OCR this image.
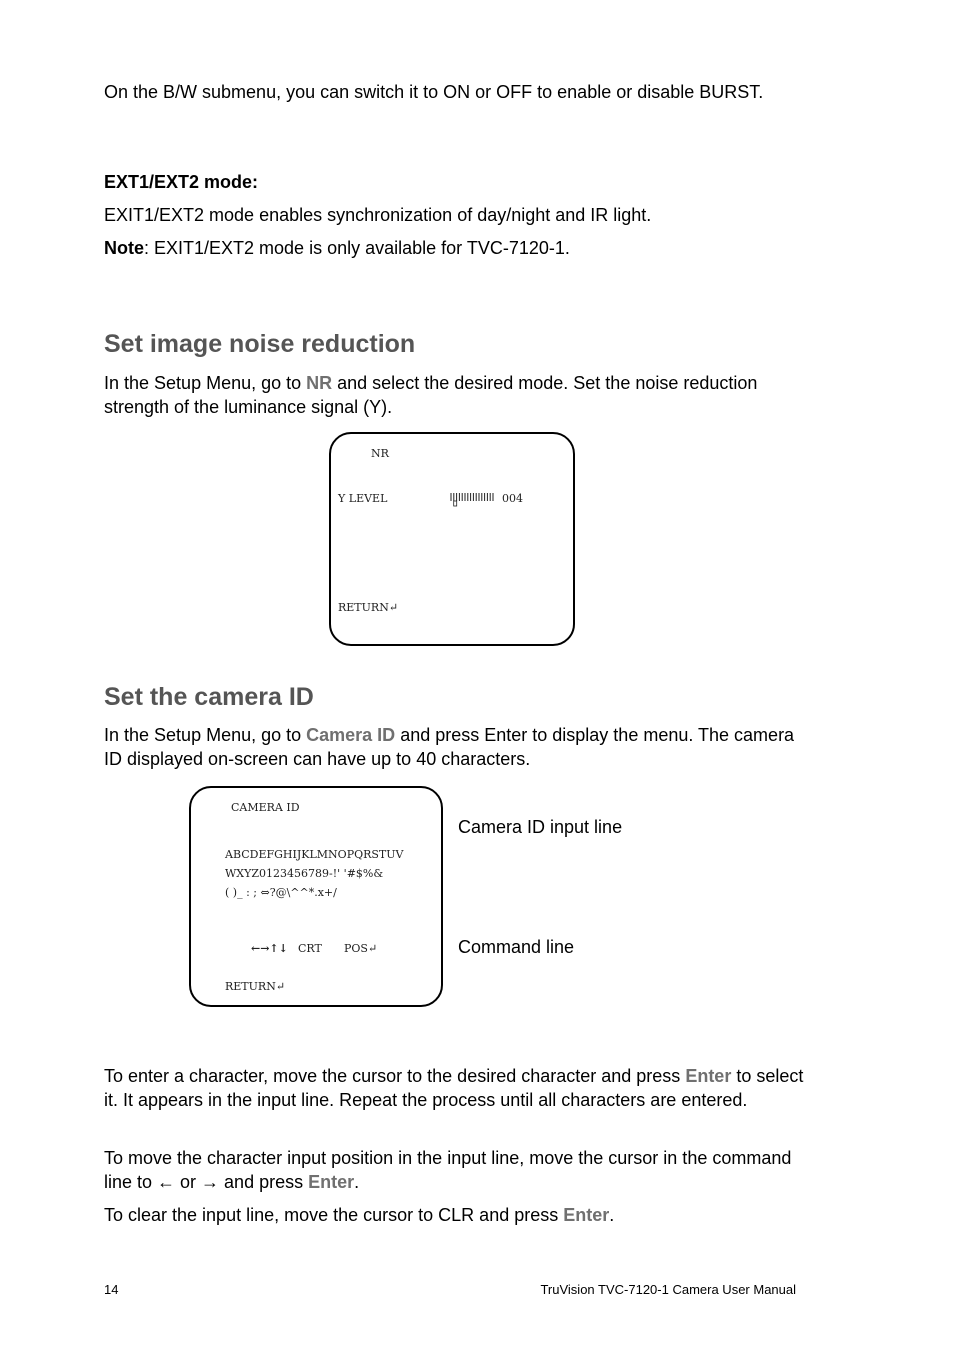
On the B/W submenu, you can switch it to ON or OFF to enable or disable BURST.

EXT1/EXT2 mode:

EXIT1/EXT2 mode enables synchronization of day/night and IR light.

Note: EXIT1/EXT2 mode is only available for TVC-7120-1.

Set image noise reduction

In the Setup Menu, go to NR and select the desired mode. Set the noise reduction strength of the luminance signal (Y).

NR
Y LEVEL	004
RETURN↵
Set the camera ID

In the Setup Menu, go to Camera ID and press Enter to display the menu. The camera ID displayed on-screen can have up to 40 characters.

CAMERA ID
ABCDEFGHIJKLMNOPQRSTUV
WXYZ0123456789-!' '#$%&
( )_ : ; ⇔?@\^^*.x+/
←→↑↓ CRT POS↵
RETURN↵
Camera ID input line
Command line

To enter a character, move the cursor to the desired character and press Enter to select it. It appears in the input line. Repeat the process until all characters are entered.

To move the character input position in the input line, move the cursor in the command line to ← or → and press Enter.

To clear the input line, move the cursor to CLR and press Enter.

14	TruVision TVC-7120-1 Camera User Manual
